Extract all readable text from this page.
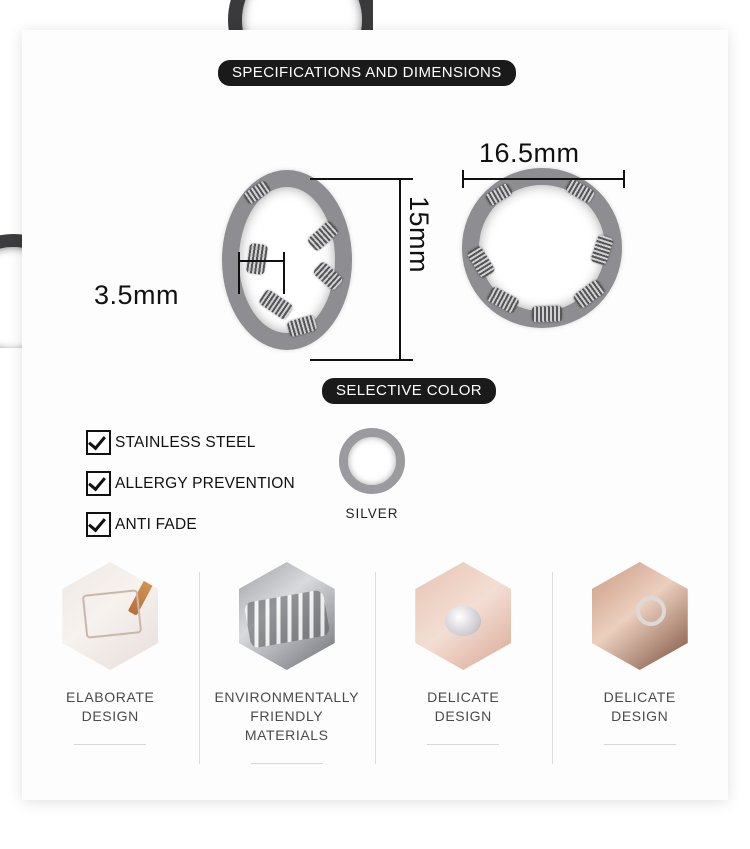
SPECIFICATIONS AND DIMENSIONS
15mm
3.5mm
16.5mm
SELECTIVE COLOR
STAINLESS STEEL
ALLERGY PREVENTION
ANTI FADE
SILVER
ELABORATE
DESIGN
ENVIRONMENTALLY
FRIENDLY MATERIALS
DELICATE
DESIGN
DELICATE
DESIGN
